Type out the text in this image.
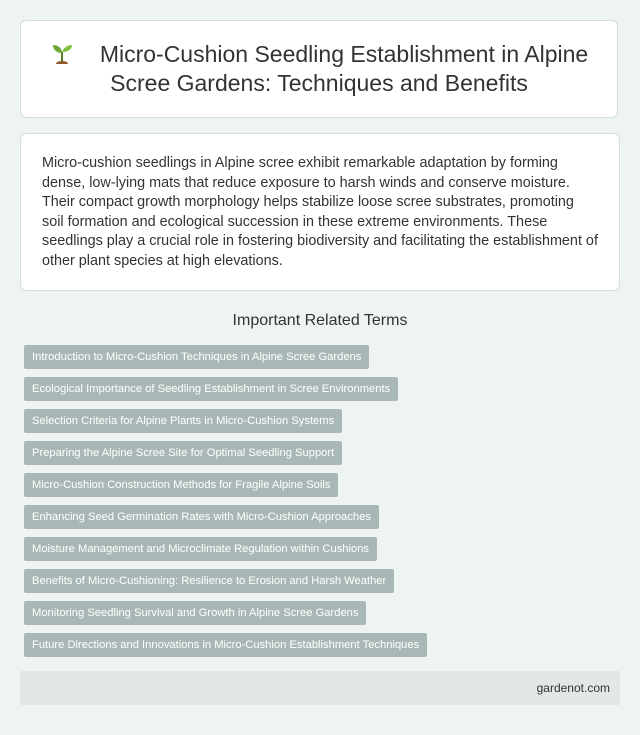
Micro-Cushion Seedling Establishment in Alpine Scree Gardens: Techniques and Benefits

Micro-cushion seedlings in Alpine scree exhibit remarkable adaptation by forming dense, low-lying mats that reduce exposure to harsh winds and conserve moisture. Their compact growth morphology helps stabilize loose scree substrates, promoting soil formation and ecological succession in these extreme environments. These seedlings play a crucial role in fostering biodiversity and facilitating the establishment of other plant species at high elevations.

Important Related Terms
Introduction to Micro-Cushion Techniques in Alpine Scree Gardens
Ecological Importance of Seedling Establishment in Scree Environments
Selection Criteria for Alpine Plants in Micro-Cushion Systems
Preparing the Alpine Scree Site for Optimal Seedling Support
Micro-Cushion Construction Methods for Fragile Alpine Soils
Enhancing Seed Germination Rates with Micro-Cushion Approaches
Moisture Management and Microclimate Regulation within Cushions
Benefits of Micro-Cushioning: Resilience to Erosion and Harsh Weather
Monitoring Seedling Survival and Growth in Alpine Scree Gardens
Future Directions and Innovations in Micro-Cushion Establishment Techniques
gardenot.com
